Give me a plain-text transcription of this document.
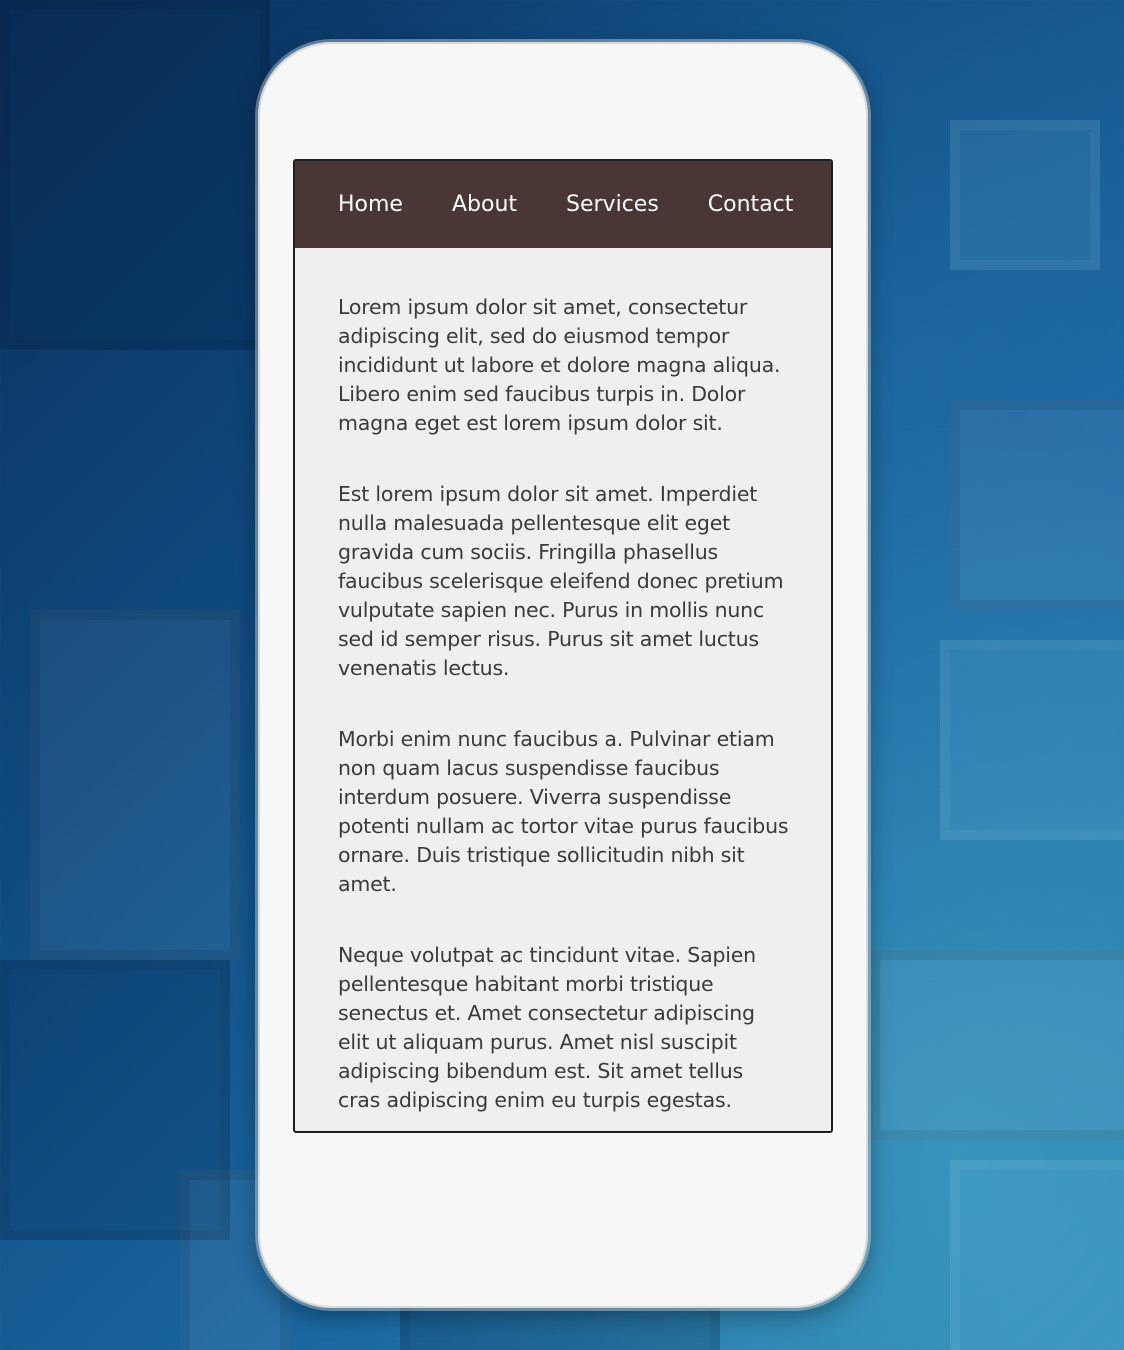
Home About Services Contact

Lorem ipsum dolor sit amet, consectetur adipiscing elit, sed do eiusmod tempor incididunt ut labore et dolore magna aliqua. Libero enim sed faucibus turpis in. Dolor magna eget est lorem ipsum dolor sit.

Est lorem ipsum dolor sit amet. Imperdiet nulla malesuada pellentesque elit eget gravida cum sociis. Fringilla phasellus faucibus scelerisque eleifend donec pretium vulputate sapien nec. Purus in mollis nunc sed id semper risus. Purus sit amet luctus venenatis lectus.

Morbi enim nunc faucibus a. Pulvinar etiam non quam lacus suspendisse faucibus interdum posuere. Viverra suspendisse potenti nullam ac tortor vitae purus faucibus ornare. Duis tristique sollicitudin nibh sit amet.

Neque volutpat ac tincidunt vitae. Sapien pellentesque habitant morbi tristique senectus et. Amet consectetur adipiscing elit ut aliquam purus. Amet nisl suscipit adipiscing bibendum est. Sit amet tellus cras adipiscing enim eu turpis egestas.
